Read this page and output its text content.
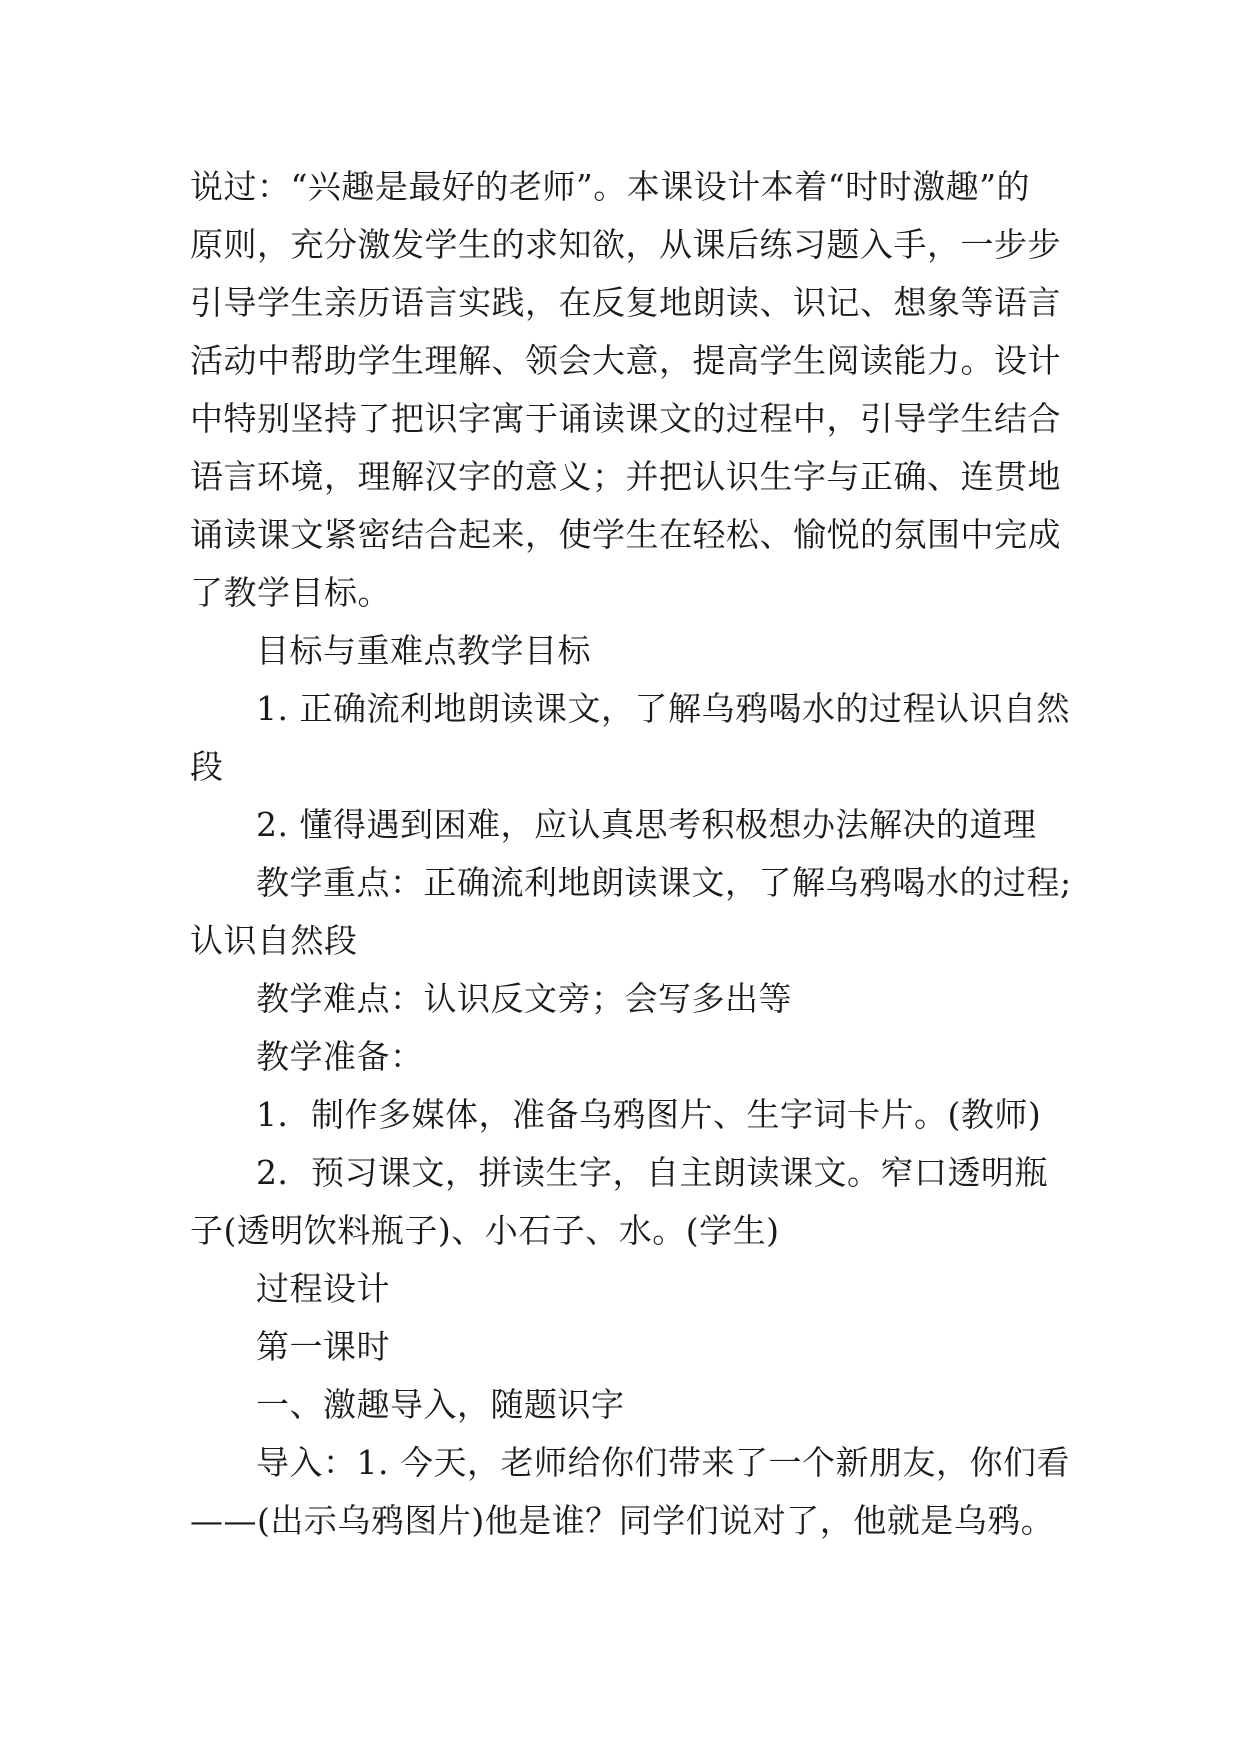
说过：“兴趣是最好的老师”。本课设计本着“时时激趣”的
原则，充分激发学生的求知欲，从课后练习题入手，一步步
引导学生亲历语言实践，在反复地朗读、识记、想象等语言
活动中帮助学生理解、领会大意，提高学生阅读能力。设计
中特别坚持了把识字寓于诵读课文的过程中，引导学生结合
语言环境，理解汉字的意义；并把认识生字与正确、连贯地
诵读课文紧密结合起来，使学生在轻松、愉悦的氛围中完成
了教学目标。
目标与重难点教学目标
1. 正确流利地朗读课文，了解乌鸦喝水的过程认识自然
段
2. 懂得遇到困难，应认真思考积极想办法解决的道理
教学重点：正确流利地朗读课文，了解乌鸦喝水的过程;
认识自然段
教学难点：认识反文旁；会写多出等
教学准备：
1．制作多媒体，准备乌鸦图片、生字词卡片。(教师)
2．预习课文，拼读生字，自主朗读课文。窄口透明瓶
子(透明饮料瓶子)、小石子、水。(学生)
过程设计
第一课时
一、激趣导入，随题识字
导入：1. 今天，老师给你们带来了一个新朋友，你们看
——(出示乌鸦图片)他是谁？同学们说对了，他就是乌鸦。
